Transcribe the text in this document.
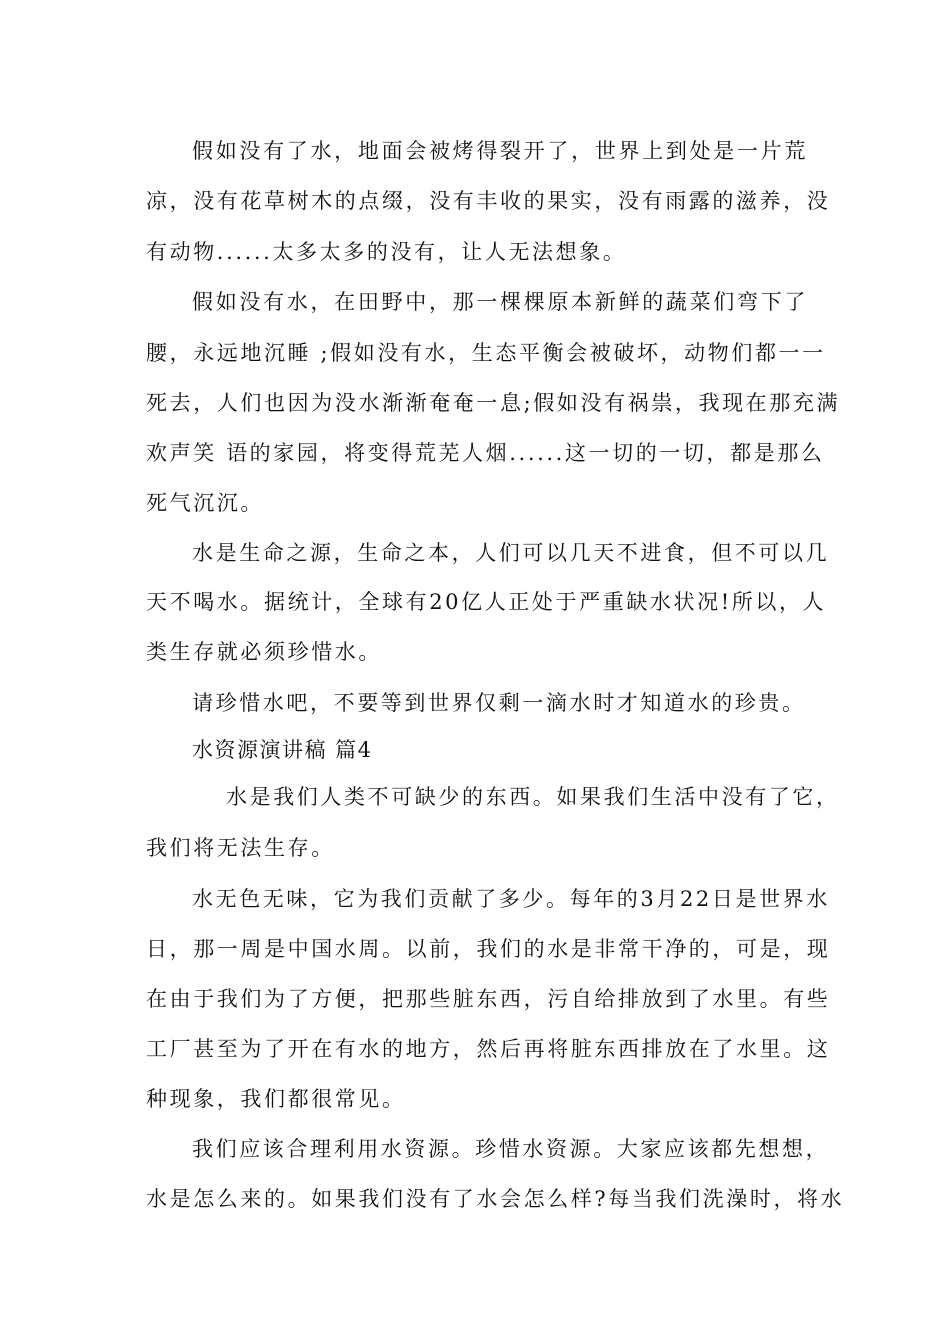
假如没有了水，地面会被烤得裂开了，世界上到处是一片荒
凉，没有花草树木的点缀，没有丰收的果实，没有雨露的滋养，没
有动物......太多太多的没有，让人无法想象。
假如没有水，在田野中，那一棵棵原本新鲜的蔬菜们弯下了
腰，永远地沉睡 ;假如没有水，生态平衡会被破坏，动物们都一一
死去，人们也因为没水渐渐奄奄一息;假如没有祸祟，我现在那充满
欢声笑 语的家园，将变得荒芜人烟......这一切的一切，都是那么
死气沉沉。
水是生命之源，生命之本，人们可以几天不进食，但不可以几
天不喝水。据统计，全球有20亿人正处于严重缺水状况!所以，人
类生存就必须珍惜水。
请珍惜水吧，不要等到世界仅剩一滴水时才知道水的珍贵。
水资源演讲稿 篇4
水是我们人类不可缺少的东西。如果我们生活中没有了它，
我们将无法生存。
水无色无味，它为我们贡献了多少。每年的3月22日是世界水
日，那一周是中国水周。以前，我们的水是非常干净的，可是，现
在由于我们为了方便，把那些脏东西，污自给排放到了水里。有些
工厂甚至为了开在有水的地方，然后再将脏东西排放在了水里。这
种现象，我们都很常见。
我们应该合理利用水资源。珍惜水资源。大家应该都先想想，
水是怎么来的。如果我们没有了水会怎么样?每当我们洗澡时，将水
